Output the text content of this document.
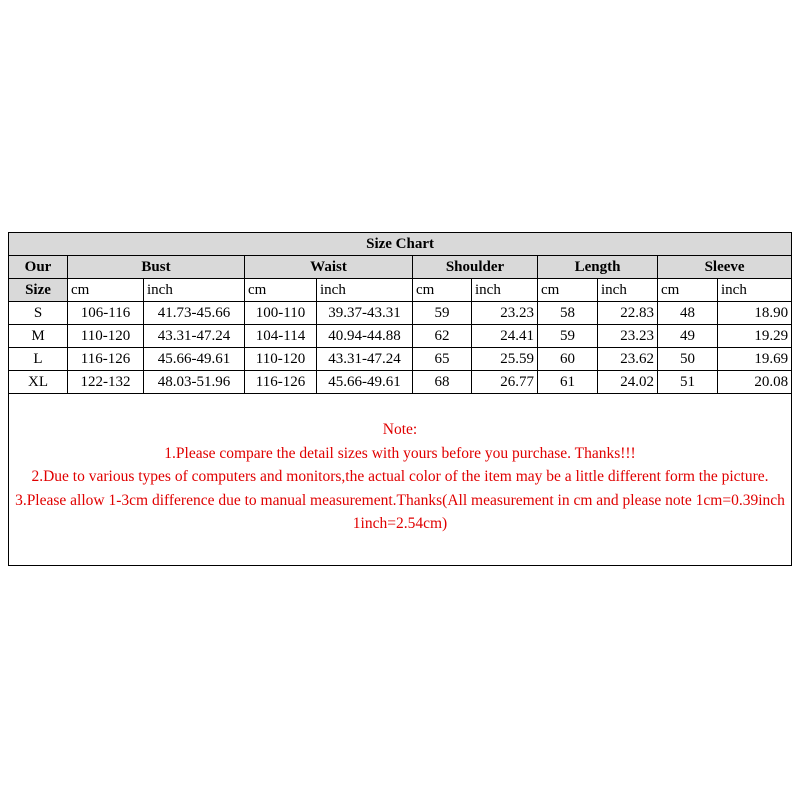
Size Chart										
Our	Bust		Waist		Shoulder		Length		Sleeve	
Size	cm	inch	cm	inch	cm	inch	cm	inch	cm	inch
S	106-116	41.73-45.66	100-110	39.37-43.31	59	23.23	58	22.83	48	18.90
M	110-120	43.31-47.24	104-114	40.94-44.88	62	24.41	59	23.23	49	19.29
L	116-126	45.66-49.61	110-120	43.31-47.24	65	25.59	60	23.62	50	19.69
XL	122-132	48.03-51.96	116-126	45.66-49.61	68	26.77	61	24.02	51	20.08
Note:
1.Please compare the detail sizes with yours before you purchase. Thanks!!!
2.Due to various types of computers and monitors,the actual color of the item may be a little different form the picture.
3.Please allow 1-3cm difference due to manual measurement.Thanks(All measurement in cm and please note 1cm=0.39inch 1inch=2.54cm)
